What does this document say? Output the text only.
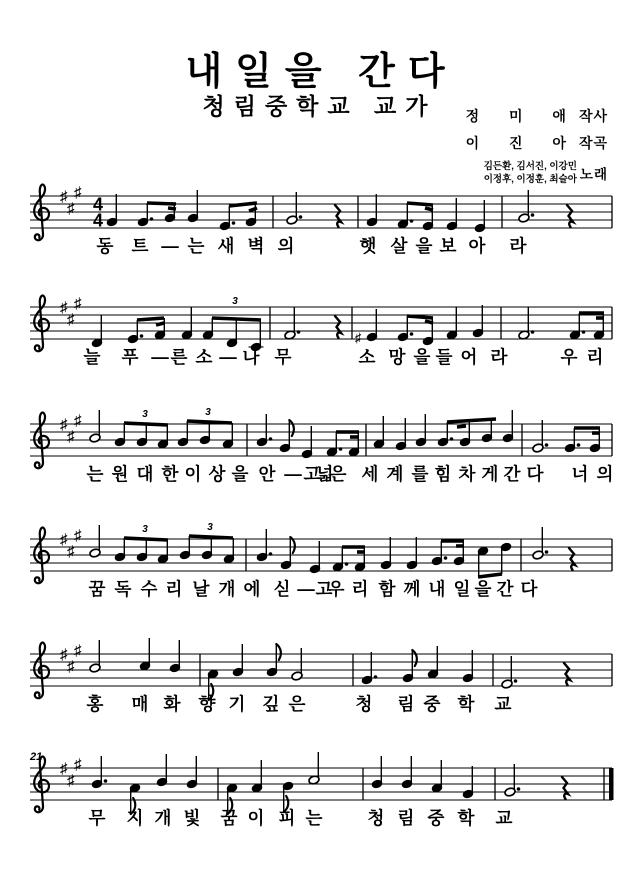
내일을 간다
청림중학교 교가	정 미 애작사
이 진 아작곡
김든환, 김서진, 이강민
이정후, 이정훈, 최슬아 노래
♯
♯
♯
4
4
동 트 ― 는 새 벽 의	햇 살 을 보 아 라
♯
♯
♯
♯
3
늘 푸 ― 른 소 ― 나 무	소 망 을 들 어 라	우 리
♯
♯
♯	3	3
는 원 대 한 이 상 을 안 ― 고
넓
은 세 계 를 힘 차 게 간 다 너 의
♯
♯
♯	3	3
꿈 독 수 리 날 개 에 싣 ― 고
우 리 함 께 내 일 을 간 다
♯
♯
♯
홍 매 화 향 기 깊 은	청 림 중 학 교
♯
♯
♯
21
무 지 개 빛 꿈 이 피 는	청 림 중 학 교
